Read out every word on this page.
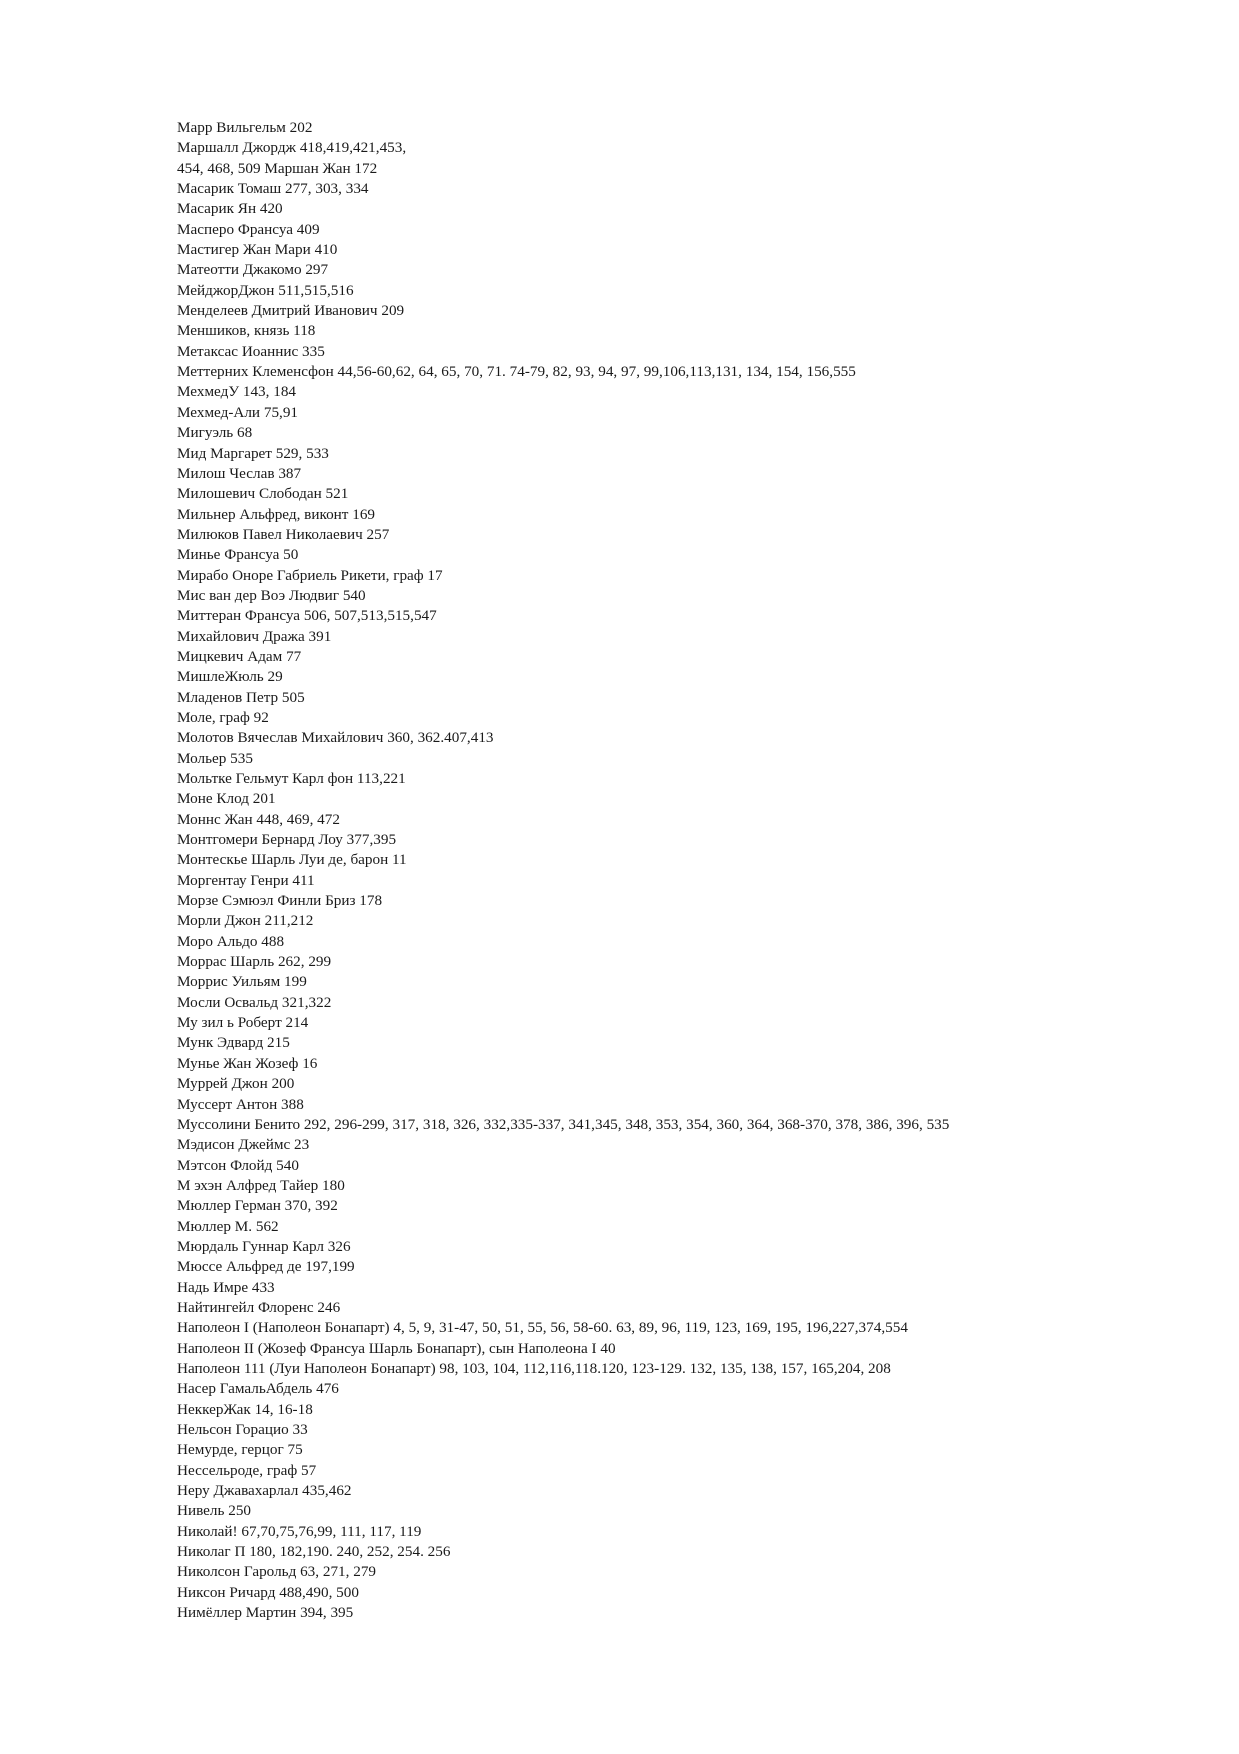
Марр Вильгельм 202
Маршалл Джордж 418,419,421,453,
454, 468, 509 Маршан Жан 172
Масарик Томаш 277, 303, 334
Масарик Ян 420
Масперо Франсуа 409
Мастигер Жан Мари 410
Матеотти Джакомо 297
МейджорДжон 511,515,516
Менделеев Дмитрий Иванович 209
Меншиков, князь 118
Метаксас Иоаннис 335
Меттерних Клеменсфон 44,56-60,62, 64, 65, 70, 71. 74-79, 82, 93, 94, 97, 99,106,113,131, 134, 154, 156,555
МехмедУ 143, 184
Мехмед-Али 75,91
Мигуэль 68
Мид Маргарет 529, 533
Милош Чеслав 387
Милошевич Слободан 521
Мильнер Альфред, виконт 169
Милюков Павел Николаевич 257
Минье Франсуа 50
Мирабо Оноре Габриель Рикети, граф 17
Мис ван дер Воэ Людвиг 540
Миттеран Франсуа 506, 507,513,515,547
Михайлович Дража 391
Мицкевич Адам 77
МишлеЖюль 29
Младенов Петр 505
Моле, граф 92
Молотов Вячеслав Михайлович 360, 362.407,413
Мольер 535
Мольтке Гельмут Карл фон 113,221
Моне Клод 201
Моннс Жан 448, 469, 472
Монтгомери Бернард Лоу 377,395
Монтескье Шарль Луи де, барон 11
Моргентау Генри 411
Морзе Сэмюэл Финли Бриз 178
Морли Джон 211,212
Моро Альдо 488
Моррас Шарль 262, 299
Моррис Уильям 199
Мосли Освальд 321,322
Му зил ь Роберт 214
Мунк Эдвард 215
Мунье Жан Жозеф 16
Муррей Джон 200
Муссерт Антон 388
Муссолини Бенито 292, 296-299, 317, 318, 326, 332,335-337, 341,345, 348, 353, 354, 360, 364, 368-370, 378, 386, 396, 535
Мэдисон Джеймс 23
Мэтсон Флойд 540
М эхэн Алфред Тайер 180
Мюллер Герман 370, 392
Мюллер М. 562
Мюрдаль Гуннар Карл 326
Мюссе Альфред де 197,199
Надь Имре 433
Найтингейл Флоренс 246
Наполеон I (Наполеон Бонапарт) 4, 5, 9, 31-47, 50, 51, 55, 56, 58-60. 63, 89, 96, 119, 123, 169, 195, 196,227,374,554
Наполеон II (Жозеф Франсуа Шарль Бонапарт), сын Наполеона I 40
Наполеон 111 (Луи Наполеон Бонапарт) 98, 103, 104, 112,116,118.120, 123-129. 132, 135, 138, 157, 165,204, 208
Насер ГамальАбдель 476
НеккерЖак 14, 16-18
Нельсон Горацио 33
Немурде, герцог 75
Нессельроде, граф 57
Неру Джавахарлал 435,462
Нивель 250
Николай! 67,70,75,76,99, 111, 117, 119
Николаг П 180, 182,190. 240, 252, 254. 256
Николсон Гарольд 63, 271, 279
Никсон Ричард 488,490, 500
Нимёллер Мартин 394, 395
